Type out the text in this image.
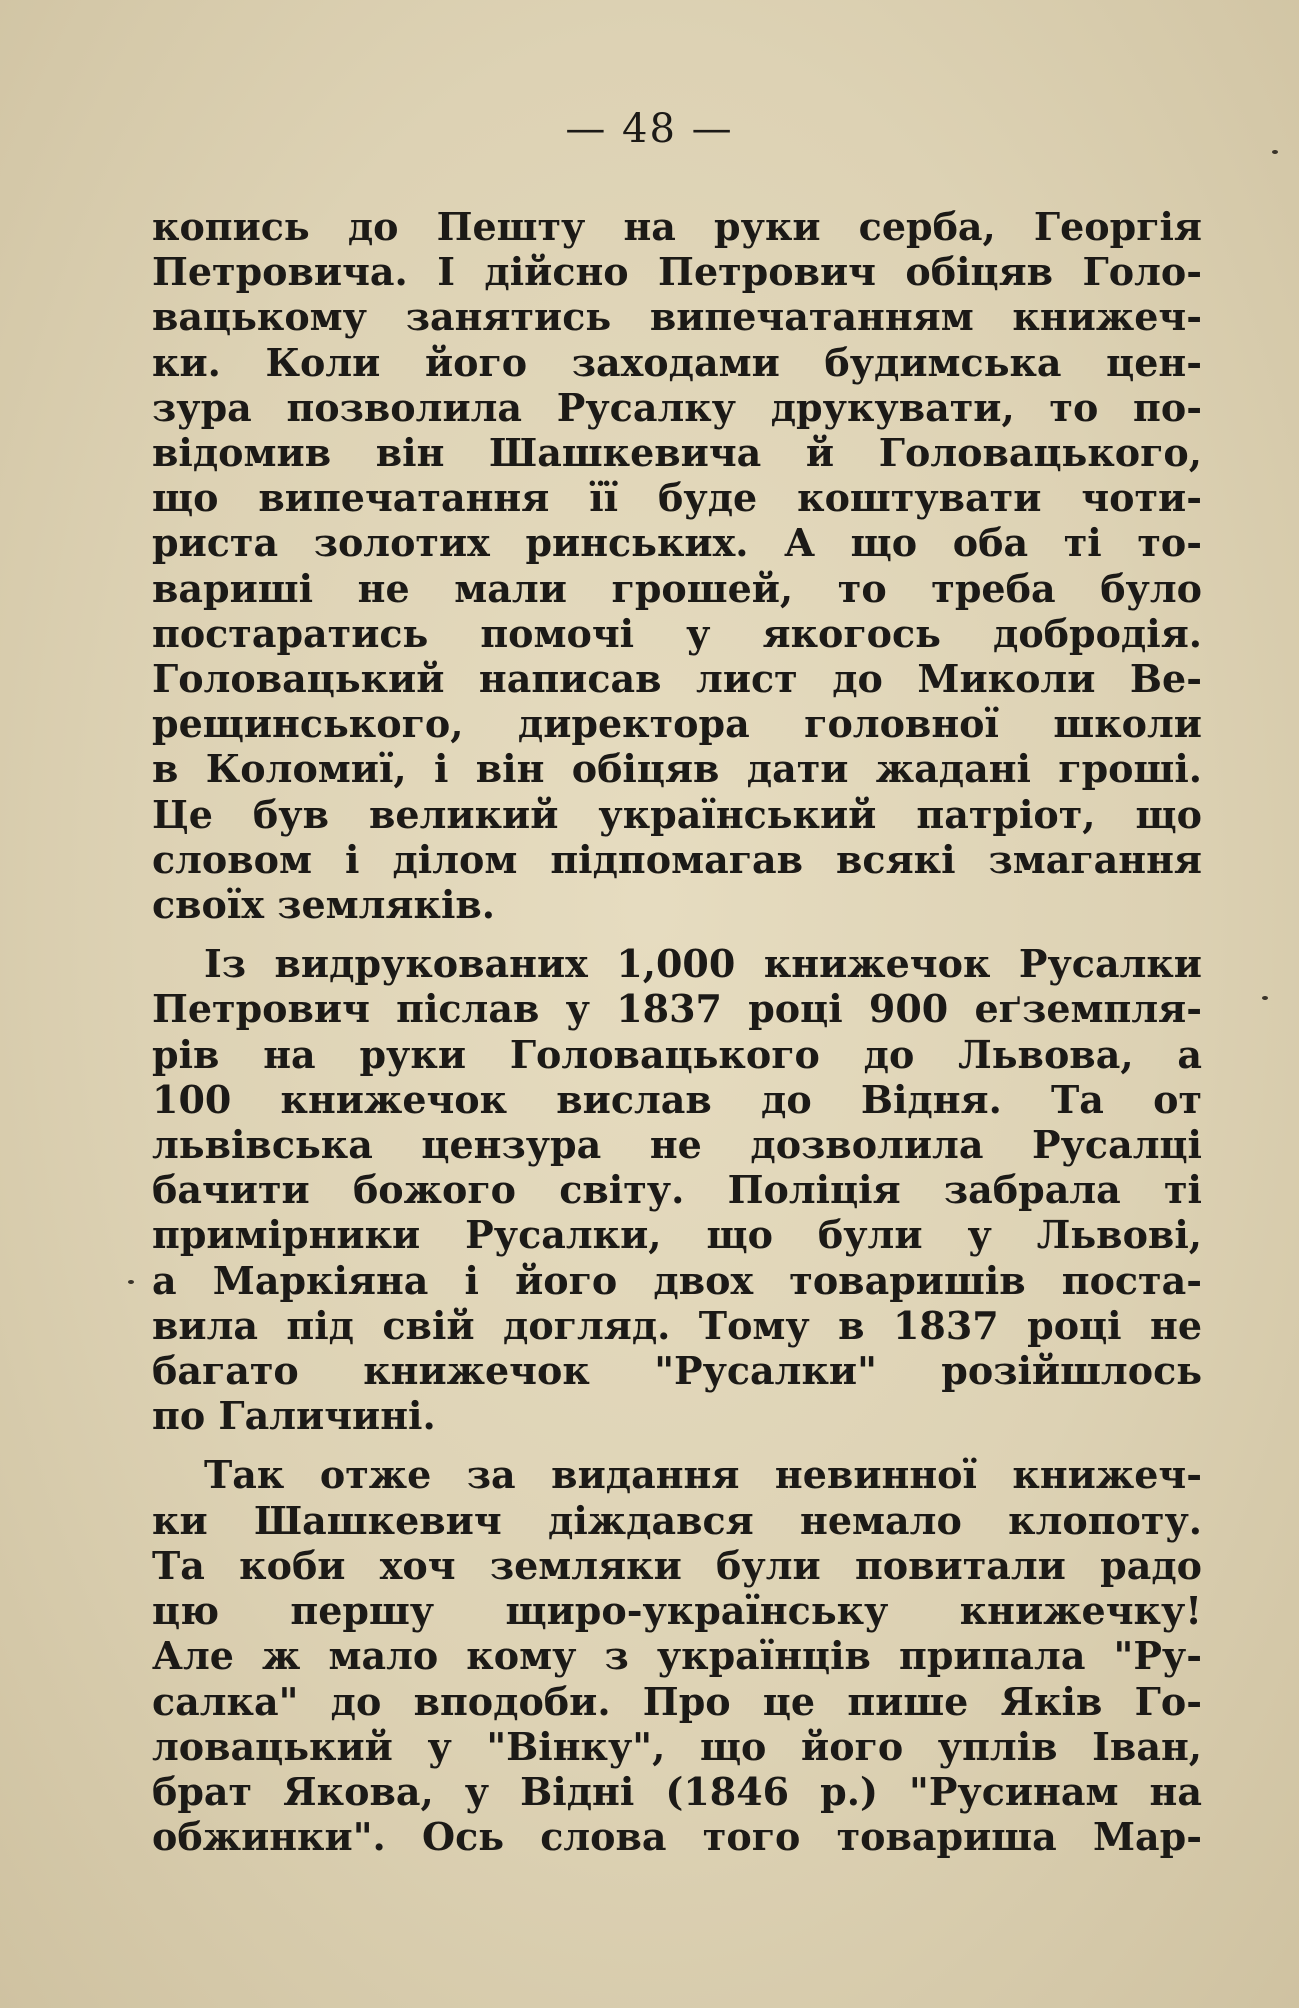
— 48 —
копись до Пешту на руки серба, Георгія
Петровича. І дійсно Петрович обіцяв Голо-
вацькому занятись випечатанням книжеч-
ки. Коли його заходами будимська цен-
зура позволила Русалку друкувати, то по-
відомив він Шашкевича й Головацького,
що випечатання її буде коштувати чоти-
риста золотих ринських. А що оба ті то-
вариші не мали грошей, то треба було
постаратись помочі у якогось добродія.
Головацький написав лист до Миколи Ве-
рещинського, директора головної школи
в Коломиї, і він обіцяв дати жадані гроші.
Це був великий український патріот, що
словом і ділом підпомагав всякі змагання
своїх земляків.
Із видрукованих 1,000 книжечок Русалки
Петрович післав у 1837 році 900 еґземпля-
рів на руки Головацького до Львова, а
100 книжечок вислав до Відня. Та от
львівська цензура не дозволила Русалці
бачити божого світу. Поліція забрала ті
примірники Русалки, що були у Львові,
а Маркіяна і його двох товаришів поста-
вила під свій догляд. Тому в 1837 році не
багато книжечок "Русалки" розійшлось
по Галичині.
Так отже за видання невинної книжеч-
ки Шашкевич діждався немало клопоту.
Та коби хоч земляки були повитали радо
цю першу щиро-українську книжечку!
Але ж мало кому з українців припала "Ру-
салка" до вподоби. Про це пише Яків Го-
ловацький у "Вінку", що його уплів Іван,
брат Якова, у Відні (1846 р.) "Русинам на
обжинки". Ось слова того товариша Мар-
